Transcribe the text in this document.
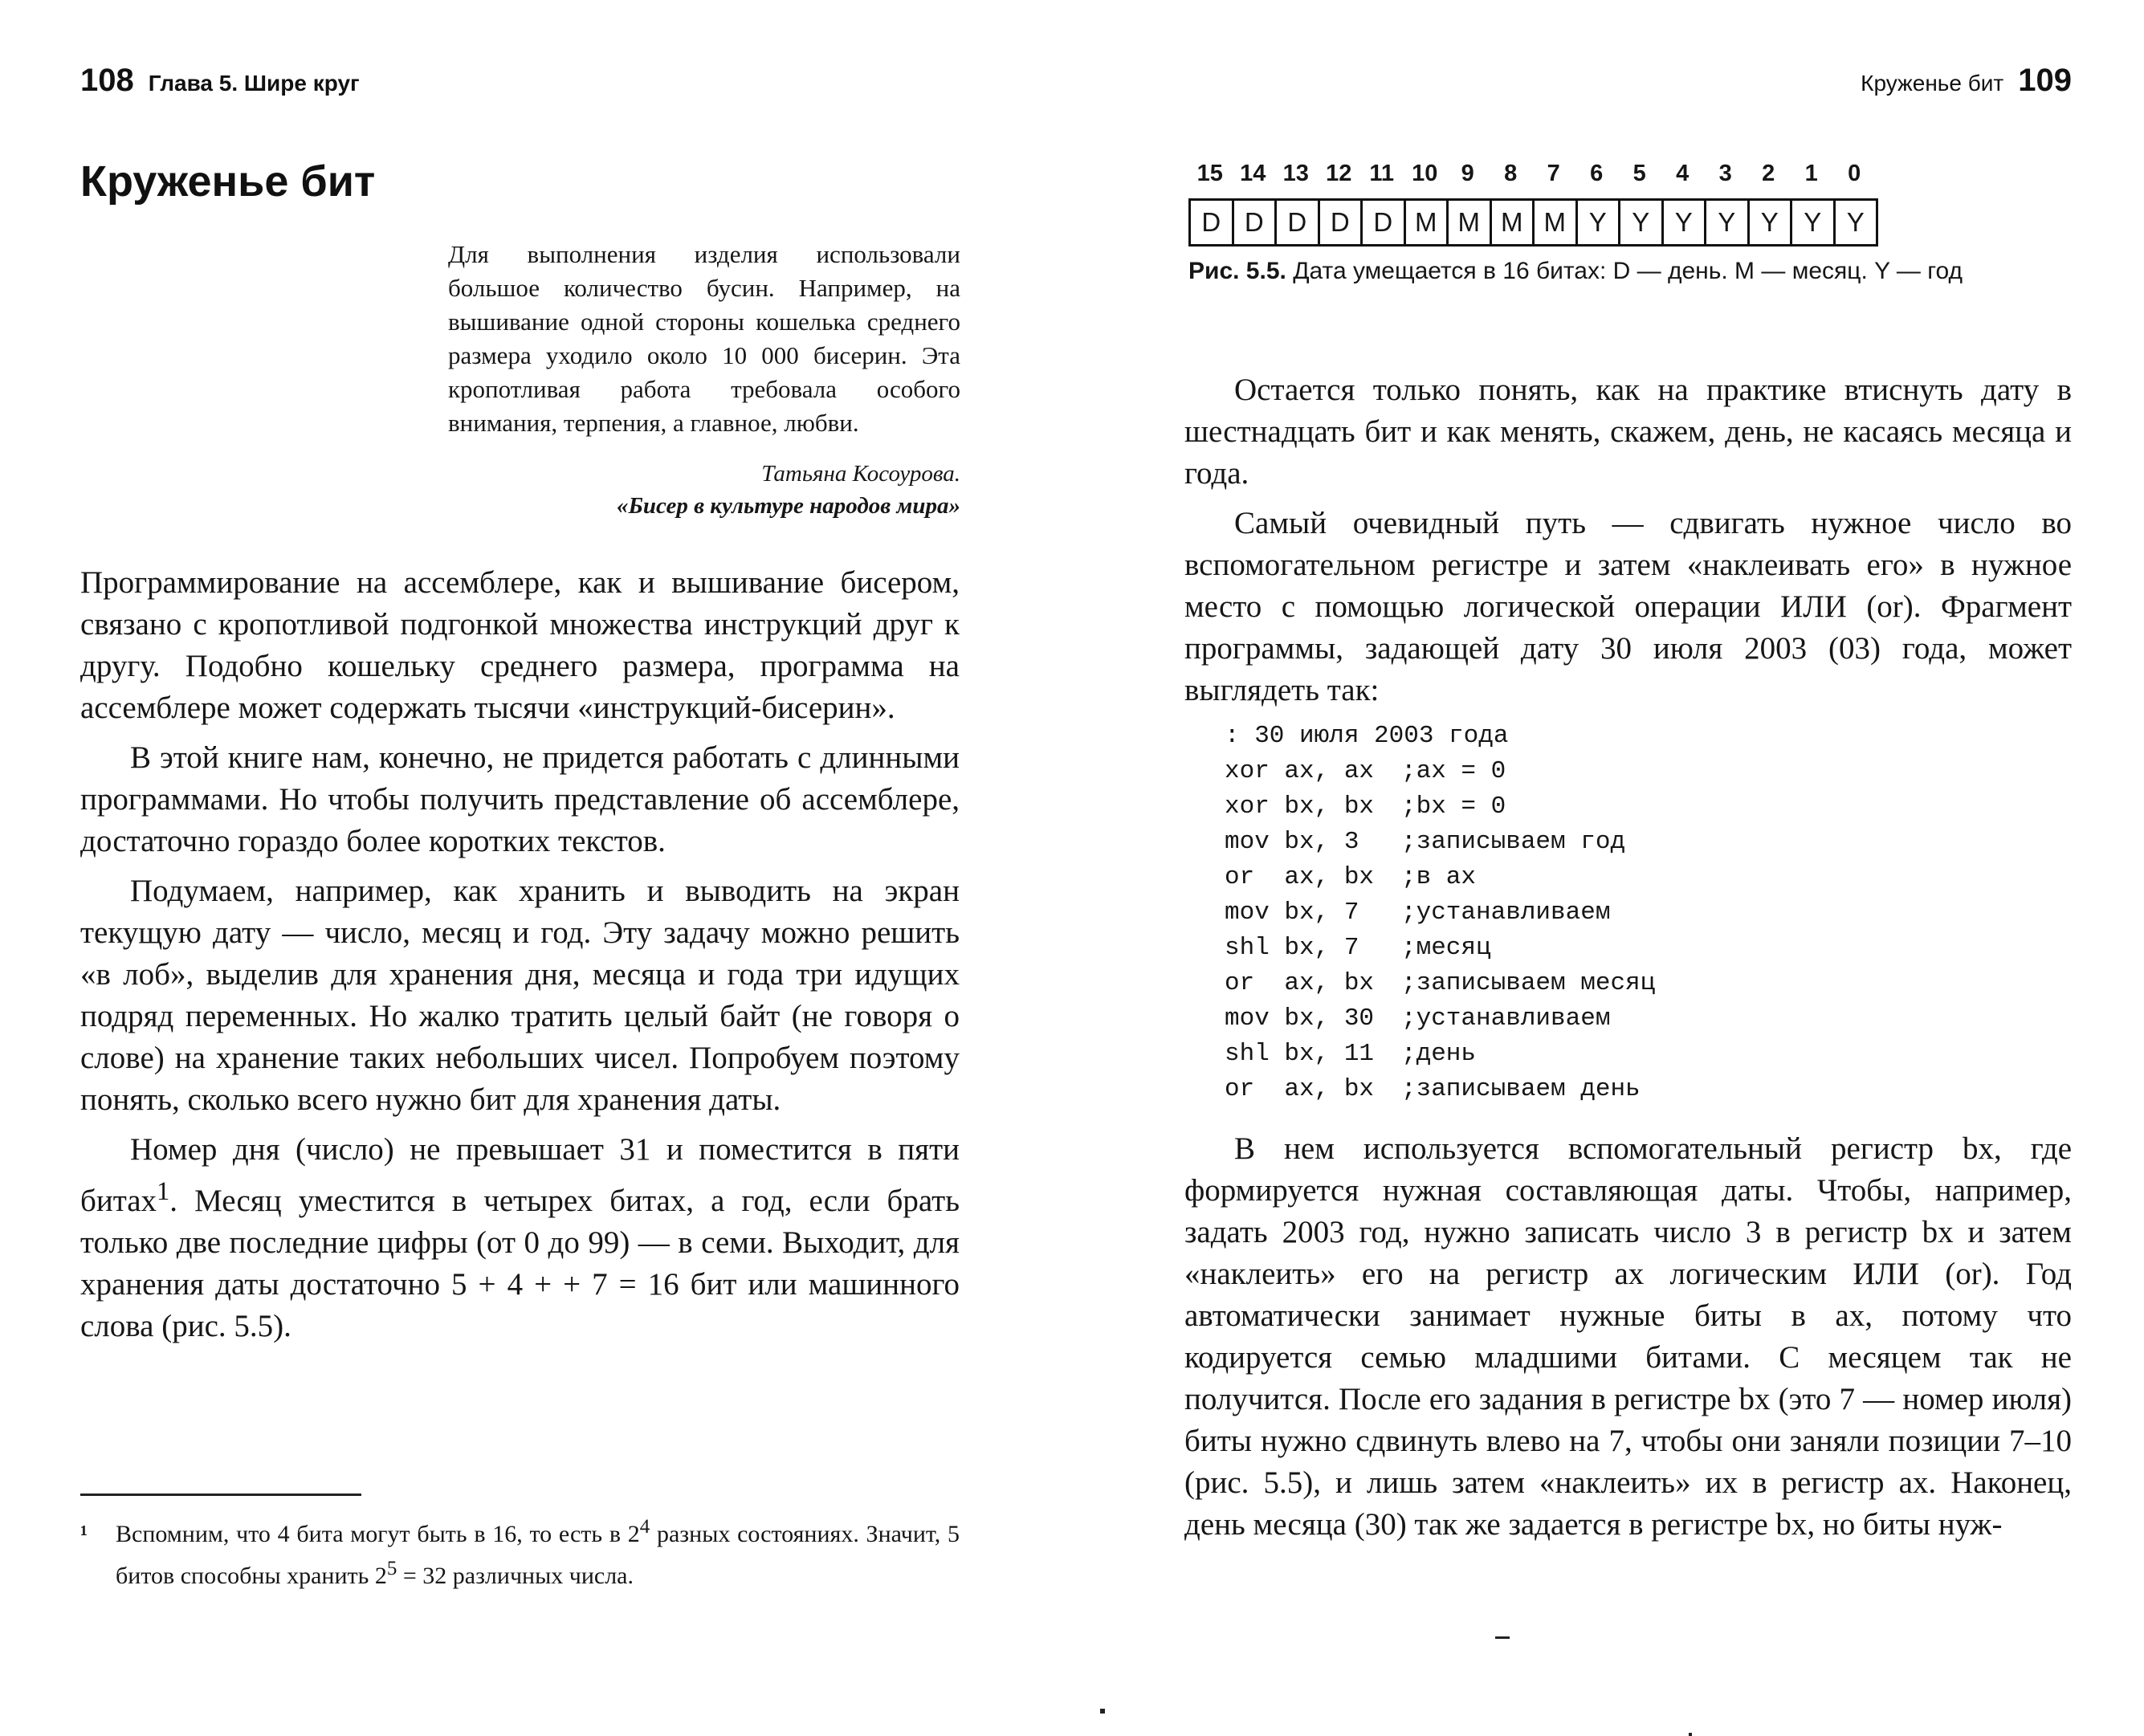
108 Глава 5. Шире круг
Круженье бит

Для выполнения изделия использовали большое количество бусин. Например, на вышивание одной стороны кошелька среднего размера уходило около 10 000 бисерин. Эта кропотливая работа требовала особого внимания, терпения, а главное, любви.

Татьяна Косоурова.

«Бисер в культуре народов мира»

Программирование на ассемблере, как и вышивание бисером, связано с кропотливой подгонкой множества инструкций друг к другу. Подобно кошельку среднего размера, программа на ассемблере может содержать тысячи «инструкций-бисерин».

В этой книге нам, конечно, не придется работать с длинными программами. Но чтобы получить представление об ассемблере, достаточно гораздо более коротких текстов.

Подумаем, например, как хранить и выводить на экран текущую дату — число, месяц и год. Эту задачу можно решить «в лоб», выделив для хранения дня, месяца и года три идущих подряд переменных. Но жалко тратить целый байт (не говоря о слове) на хранение таких небольших чисел. Попробуем поэтому понять, сколько всего нужно бит для хранения даты.

Номер дня (число) не превышает 31 и поместится в пяти битах$^1$. Месяц уместится в четырех битах, а год, если брать только две последние цифры (от 0 до 99) — в семи. Выходит, для хранения даты достаточно 5 + 4 + + 7 = 16 бит или машинного слова (рис. 5.5).

¹ Вспомним, что 4 бита могут быть в 16, то есть в $2^4$ разных состояниях. Значит, 5 битов способны хранить $2^5 = 32$ различных числа.

Круженье бит 109
15 14 13 12 11 10	9	8	7	6	5	4	3	2	1	0
D D D D D M M M M Y Y Y Y Y Y Y

Рис. 5.5. Дата умещается в 16 битах: D — день. M — месяц. Y — год

Остается только понять, как на практике втиснуть дату в шестнадцать бит и как менять, скажем, день, не касаясь месяца и года.

Самый очевидный путь — сдвигать нужное число во вспомогательном регистре и затем «наклеивать его» в нужное место с помощью логической операции ИЛИ (or). Фрагмент программы, задающей дату 30 июля 2003 (03) года, может выглядеть так:

: 30 июля 2003 года
xor ax, ax ;ax = 0
xor bx, bx ;bx = 0
mov bx, 3 ;записываем год
or  ax, bx ;в ax
mov bx, 7 ;устанавливаем
shl bx, 7 ;месяц
or  ax, bx ;записываем месяц
mov bx, 30 ;устанавливаем
shl bx, 11 ;день
or  ax, bx ;записываем день

В нем используется вспомогательный регистр bx, где формируется нужная составляющая даты. Чтобы, например, задать 2003 год, нужно записать число 3 в регистр bx и затем «наклеить» его на регистр ax логическим ИЛИ (or). Год автоматически занимает нужные биты в ax, потому что кодируется семью младшими битами. С месяцем так не получится. После его задания в регистре bx (это 7 — номер июля) биты нужно сдвинуть влево на 7, чтобы они заняли позиции 7–10 (рис. 5.5), и лишь затем «наклеить» их в регистр ax. Наконец, день месяца (30) так же задается в регистре bx, но биты нуж-
